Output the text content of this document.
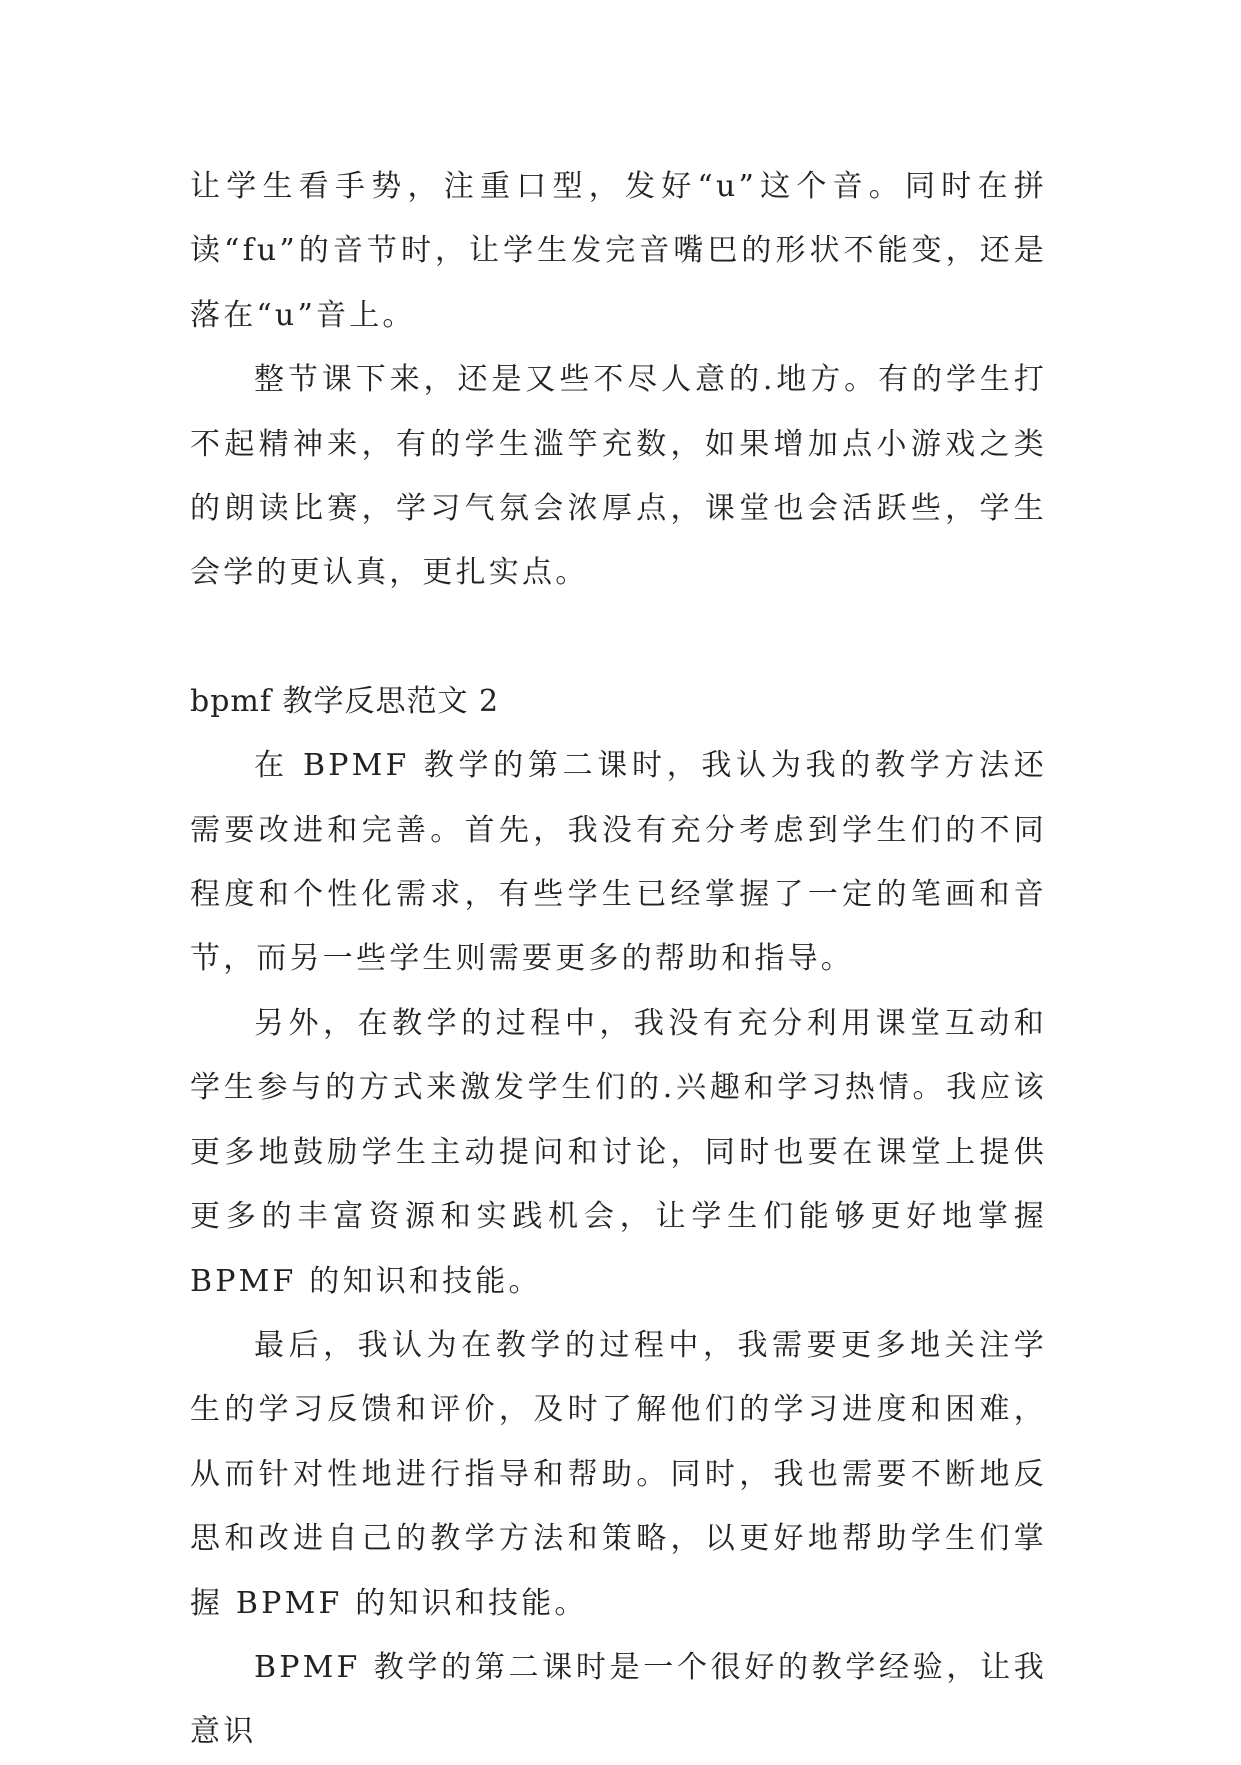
让学生看手势，注重口型，发好“u”这个音。同时在拼读“fu”的音节时，让学生发完音嘴巴的形状不能变，还是落在“u”音上。

整节课下来，还是又些不尽人意的.地方。有的学生打不起精神来，有的学生滥竽充数，如果增加点小游戏之类的朗读比赛，学习气氛会浓厚点，课堂也会活跃些，学生会学的更认真，更扎实点。

bpmf 教学反思范文 2

在 BPMF 教学的第二课时，我认为我的教学方法还需要改进和完善。首先，我没有充分考虑到学生们的不同程度和个性化需求，有些学生已经掌握了一定的笔画和音节，而另一些学生则需要更多的帮助和指导。

另外，在教学的过程中，我没有充分利用课堂互动和学生参与的方式来激发学生们的.兴趣和学习热情。我应该更多地鼓励学生主动提问和讨论，同时也要在课堂上提供更多的丰富资源和实践机会，让学生们能够更好地掌握 BPMF 的知识和技能。

最后，我认为在教学的过程中，我需要更多地关注学生的学习反馈和评价，及时了解他们的学习进度和困难，从而针对性地进行指导和帮助。同时，我也需要不断地反思和改进自己的教学方法和策略，以更好地帮助学生们掌握 BPMF 的知识和技能。

BPMF 教学的第二课时是一个很好的教学经验，让我意识
